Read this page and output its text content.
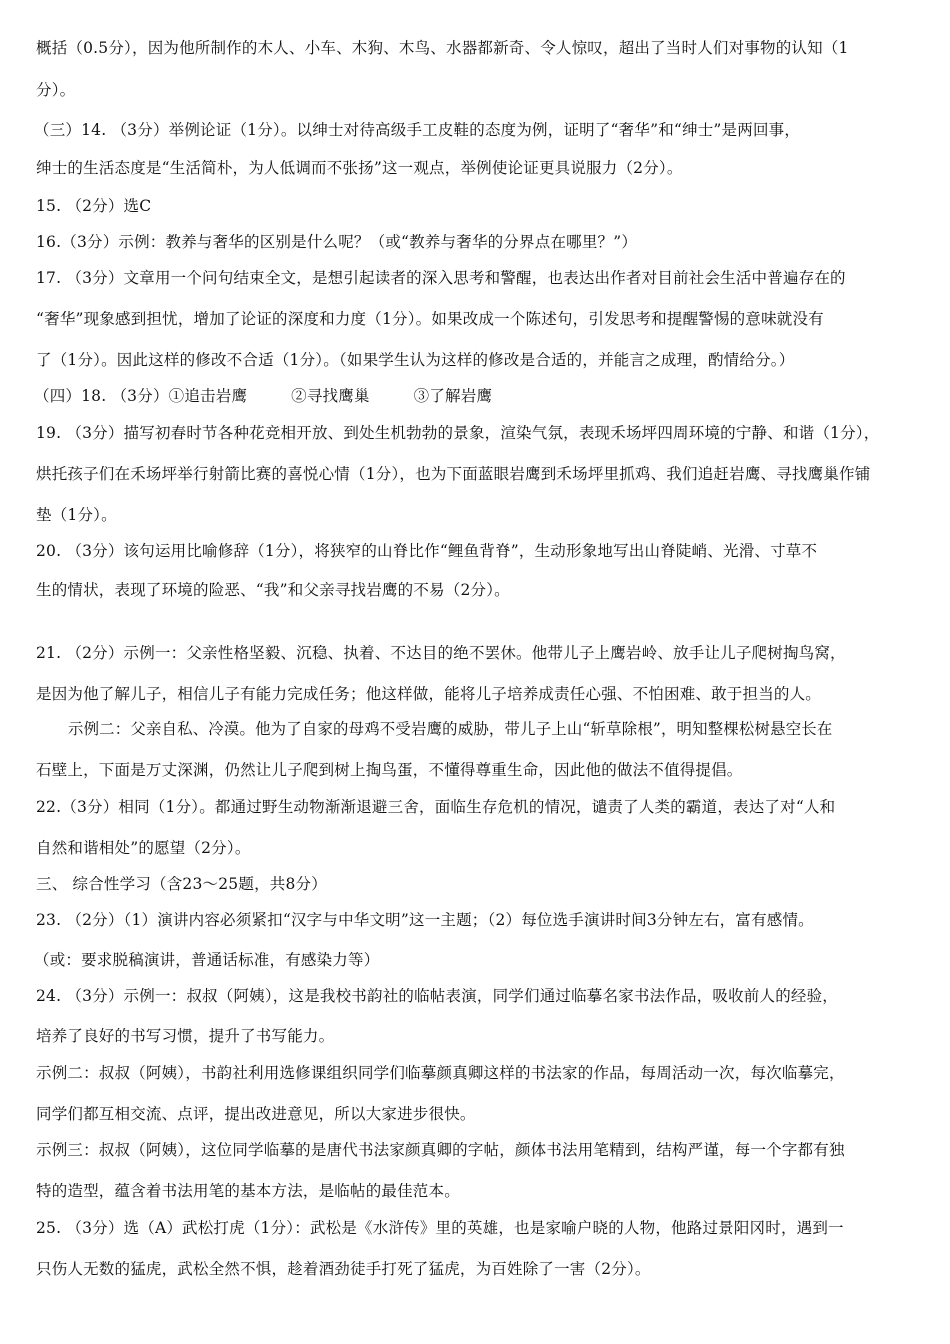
概括（0.5分），因为他所制作的木人、小车、木狗、木鸟、水器都新奇、令人惊叹，超出了当时人们对事物的认知（1
分）。
（三）14. （3分）举例论证（1分）。以绅士对待高级手工皮鞋的态度为例，证明了“奢华”和“绅士”是两回事，
绅士的生活态度是“生活简朴，为人低调而不张扬”这一观点，举例使论证更具说服力（2分）。
15. （2分）选C
16.（3分）示例：教养与奢华的区别是什么呢？（或“教养与奢华的分界点在哪里？”）
17. （3分）文章用一个问句结束全文，是想引起读者的深入思考和警醒，也表达出作者对目前社会生活中普遍存在的
“奢华”现象感到担忧，增加了论证的深度和力度（1分）。如果改成一个陈述句，引发思考和提醒警惕的意味就没有
了（1分）。因此这样的修改不合适（1分）。（如果学生认为这样的修改是合适的，并能言之成理，酌情给分。）
（四）18. （3分）①追击岩鹰	②寻找鹰巢	③了解岩鹰
19. （3分）描写初春时节各种花竞相开放、到处生机勃勃的景象，渲染气氛，表现禾场坪四周环境的宁静、和谐（1分），
烘托孩子们在禾场坪举行射箭比赛的喜悦心情（1分），也为下面蓝眼岩鹰到禾场坪里抓鸡、我们追赶岩鹰、寻找鹰巢作铺
垫（1分）。
20. （3分）该句运用比喻修辞（1分），将狭窄的山脊比作“鲤鱼背脊”，生动形象地写出山脊陡峭、光滑、寸草不
生的情状，表现了环境的险恶、“我”和父亲寻找岩鹰的不易（2分）。
21. （2分）示例一：父亲性格坚毅、沉稳、执着、不达目的绝不罢休。他带儿子上鹰岩岭、放手让儿子爬树掏鸟窝，
是因为他了解儿子，相信儿子有能力完成任务；他这样做，能将儿子培养成责任心强、不怕困难、敢于担当的人。
示例二：父亲自私、冷漠。他为了自家的母鸡不受岩鹰的威胁，带儿子上山“斩草除根”，明知整棵松树悬空长在
石壁上，下面是万丈深渊，仍然让儿子爬到树上掏鸟蛋，不懂得尊重生命，因此他的做法不值得提倡。
22.（3分）相同（1分）。都通过野生动物渐渐退避三舍，面临生存危机的情况，谴责了人类的霸道，表达了对“人和
自然和谐相处”的愿望（2分）。
三、 综合性学习（含23～25题，共8分）
23. （2分）（1）演讲内容必须紧扣“汉字与中华文明”这一主题；（2）每位选手演讲时间3分钟左右，富有感情。
（或：要求脱稿演讲，普通话标准，有感染力等）
24. （3分）示例一：叔叔（阿姨），这是我校书韵社的临帖表演，同学们通过临摹名家书法作品，吸收前人的经验，
培养了良好的书写习惯，提升了书写能力。
示例二：叔叔（阿姨），书韵社利用选修课组织同学们临摹颜真卿这样的书法家的作品，每周活动一次，每次临摹完，
同学们都互相交流、点评，提出改进意见，所以大家进步很快。
示例三：叔叔（阿姨），这位同学临摹的是唐代书法家颜真卿的字帖，颜体书法用笔精到，结构严谨，每一个字都有独
特的造型，蕴含着书法用笔的基本方法，是临帖的最佳范本。
25. （3分）选（A）武松打虎（1分）：武松是《水浒传》里的英雄，也是家喻户晓的人物，他路过景阳冈时，遇到一
只伤人无数的猛虎，武松全然不惧，趁着酒劲徒手打死了猛虎，为百姓除了一害（2分）。
